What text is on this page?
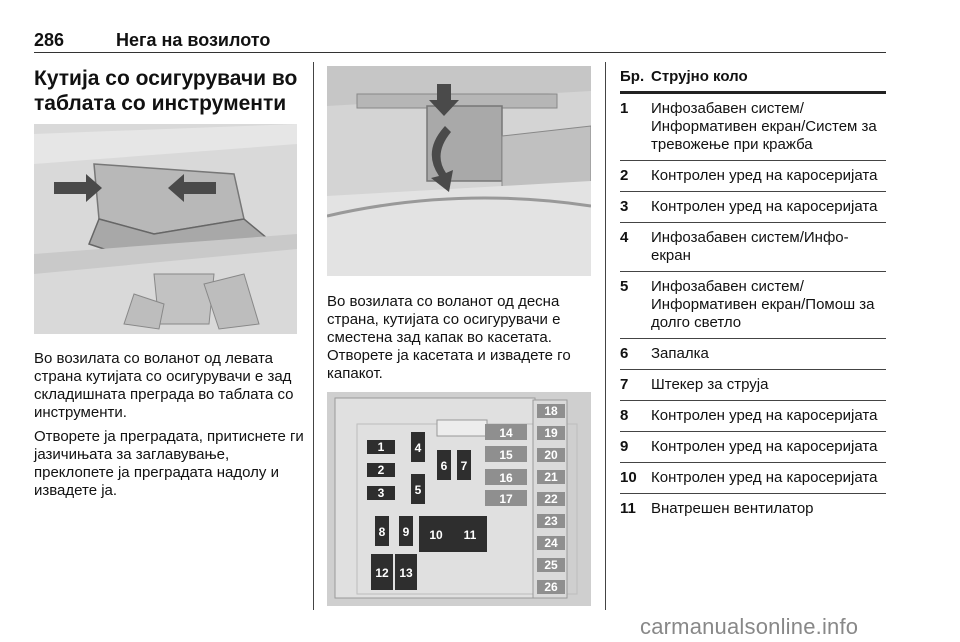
286	Нега на возилото
Кутија со осигурувачи во таблата со инструменти
Во возилата со воланот од левата страна кутијата со осигурувачи е зад складишната преграда во таблата со инструменти.
Отворете ја преградата, притиснете ги јазичињата за заглавување, преклопете ја преградата надолу и извадете ја.
Во возилата со воланот од десна страна, кутијата со осигурувачи е сместена зад капак во касетата. Отворете ја касетата и извадете го капакот.
1
2
3
4
5
6 7
14
15
16
17
8 9 10 11
12 13
18
19
20
21
22
23
24
25
26
Бр. Струјно коло
1 Инфозабавен систем/ Информативен екран/Систем за тревожење при кражба
2 Контролен уред на каросеријата
3 Контролен уред на каросеријата
4 Инфозабавен систем/Инфо- екран
5 Инфозабавен систем/ Информативен екран/Помош за долго светло
6 Запалка
7 Штекер за струја
8 Контролен уред на каросеријата
9 Контролен уред на каросеријата
10 Контролен уред на каросеријата
11 Внатрешен вентилатор
carmanualsonline.info
